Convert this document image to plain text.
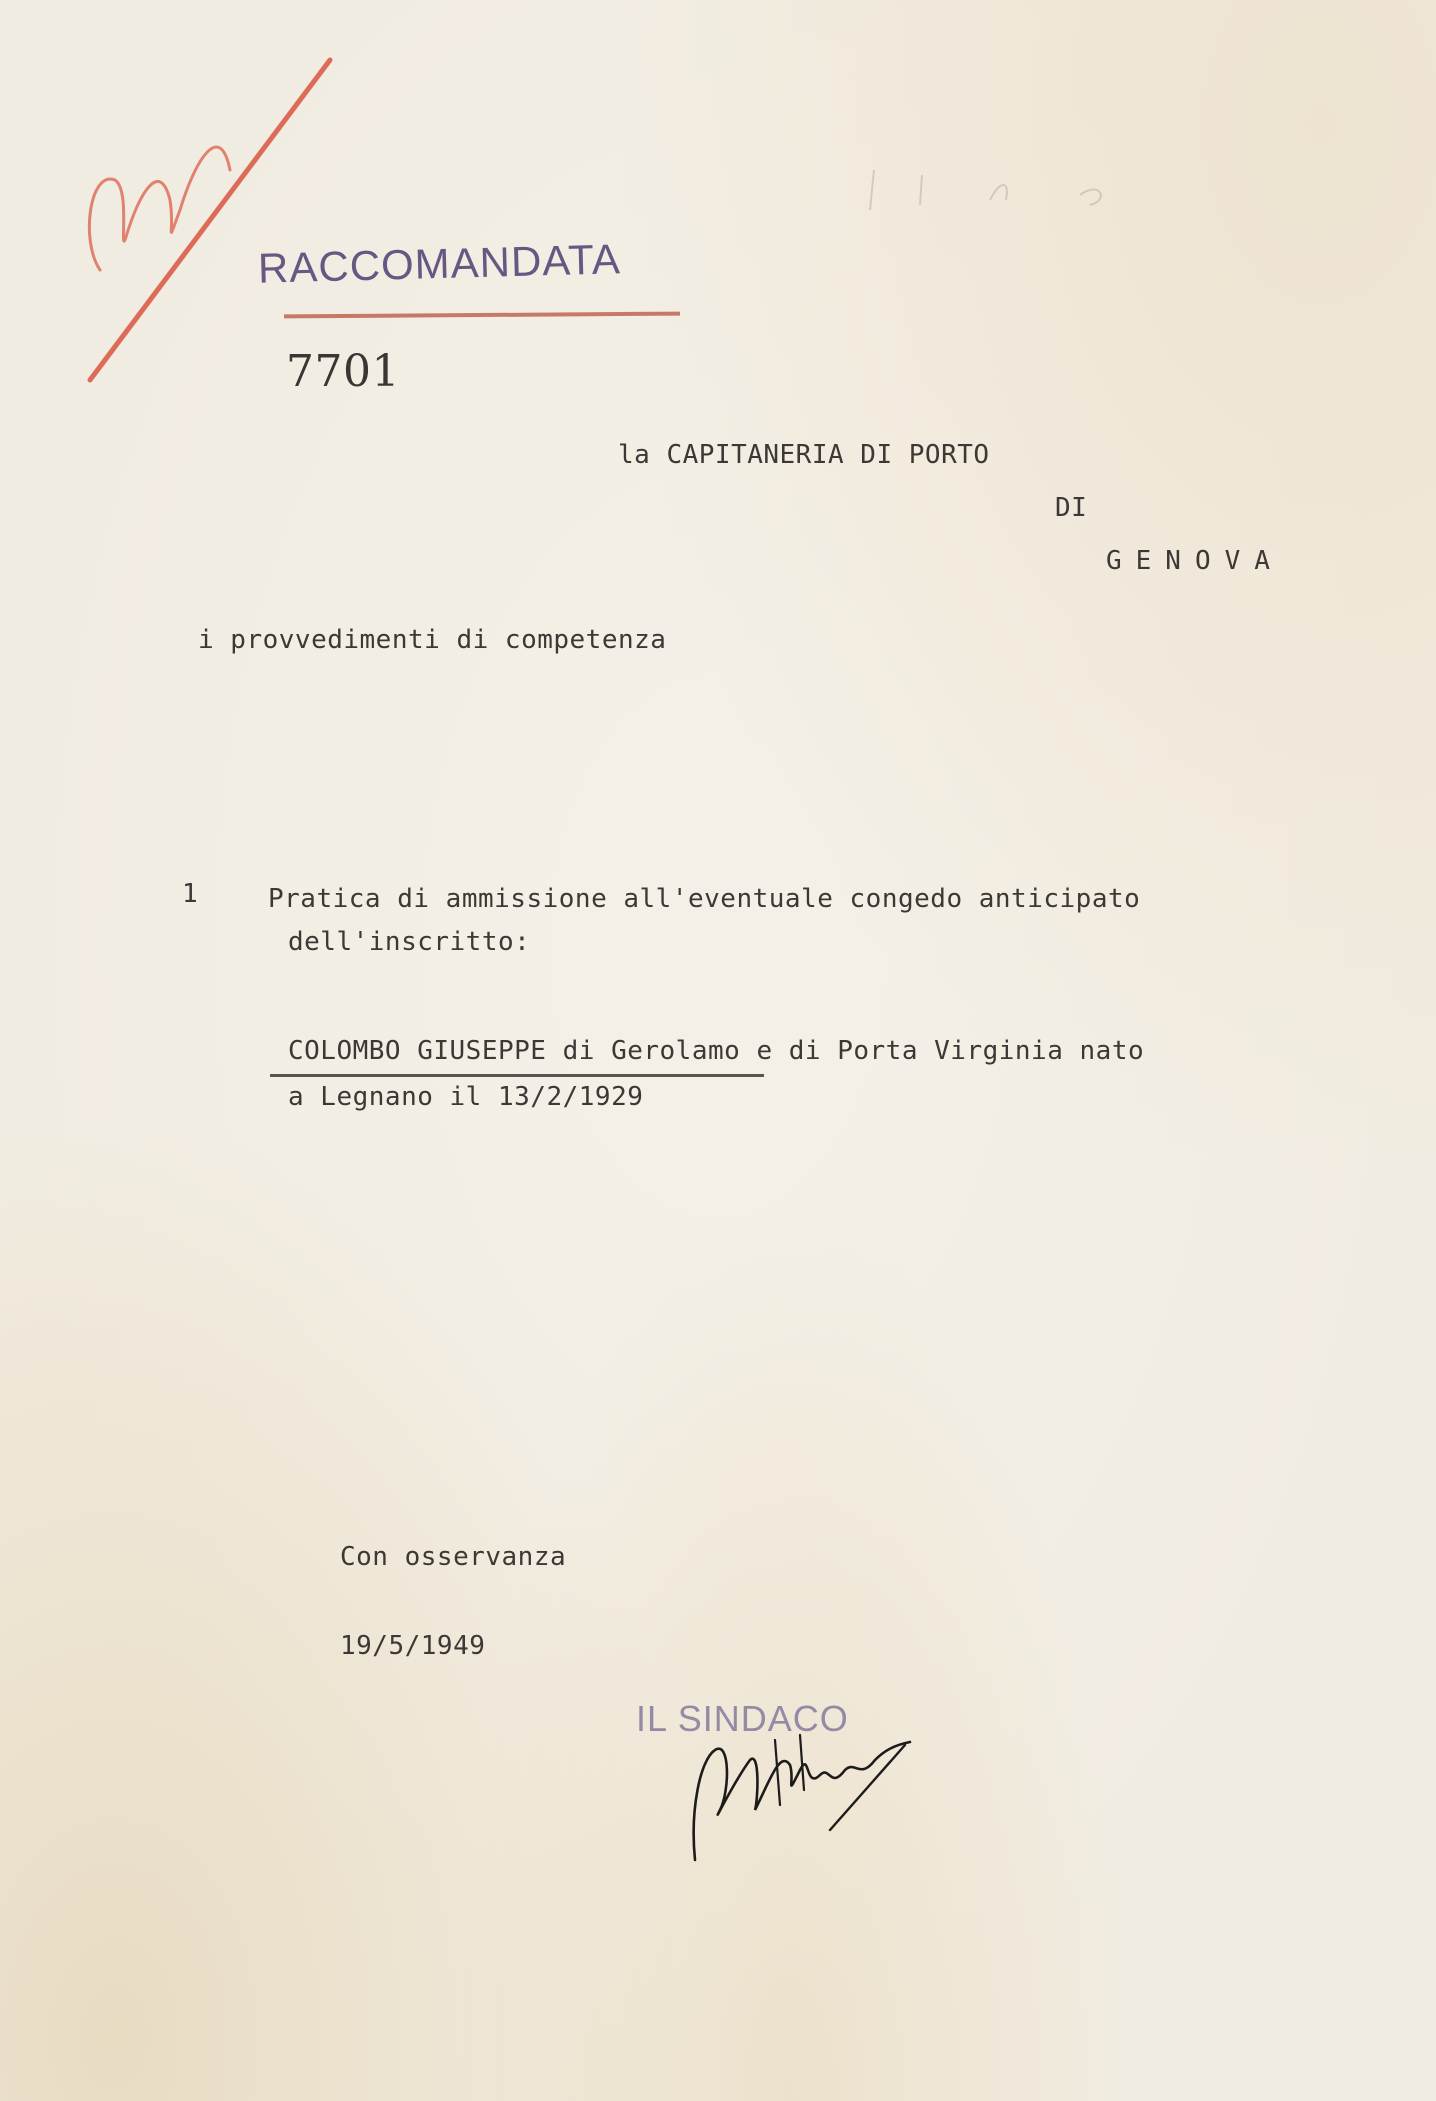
RACCOMANDATA
7701
la CAPITANERIA DI PORTO
DI
GENOVA
i provvedimenti di competenza
1	Pratica di ammissione all'eventuale congedo anticipato
dell'inscritto:
COLOMBO GIUSEPPE di Gerolamo e di Porta Virginia nato
a Legnano il 13/2/1929
Con osservanza
19/5/1949
IL SINDACO
